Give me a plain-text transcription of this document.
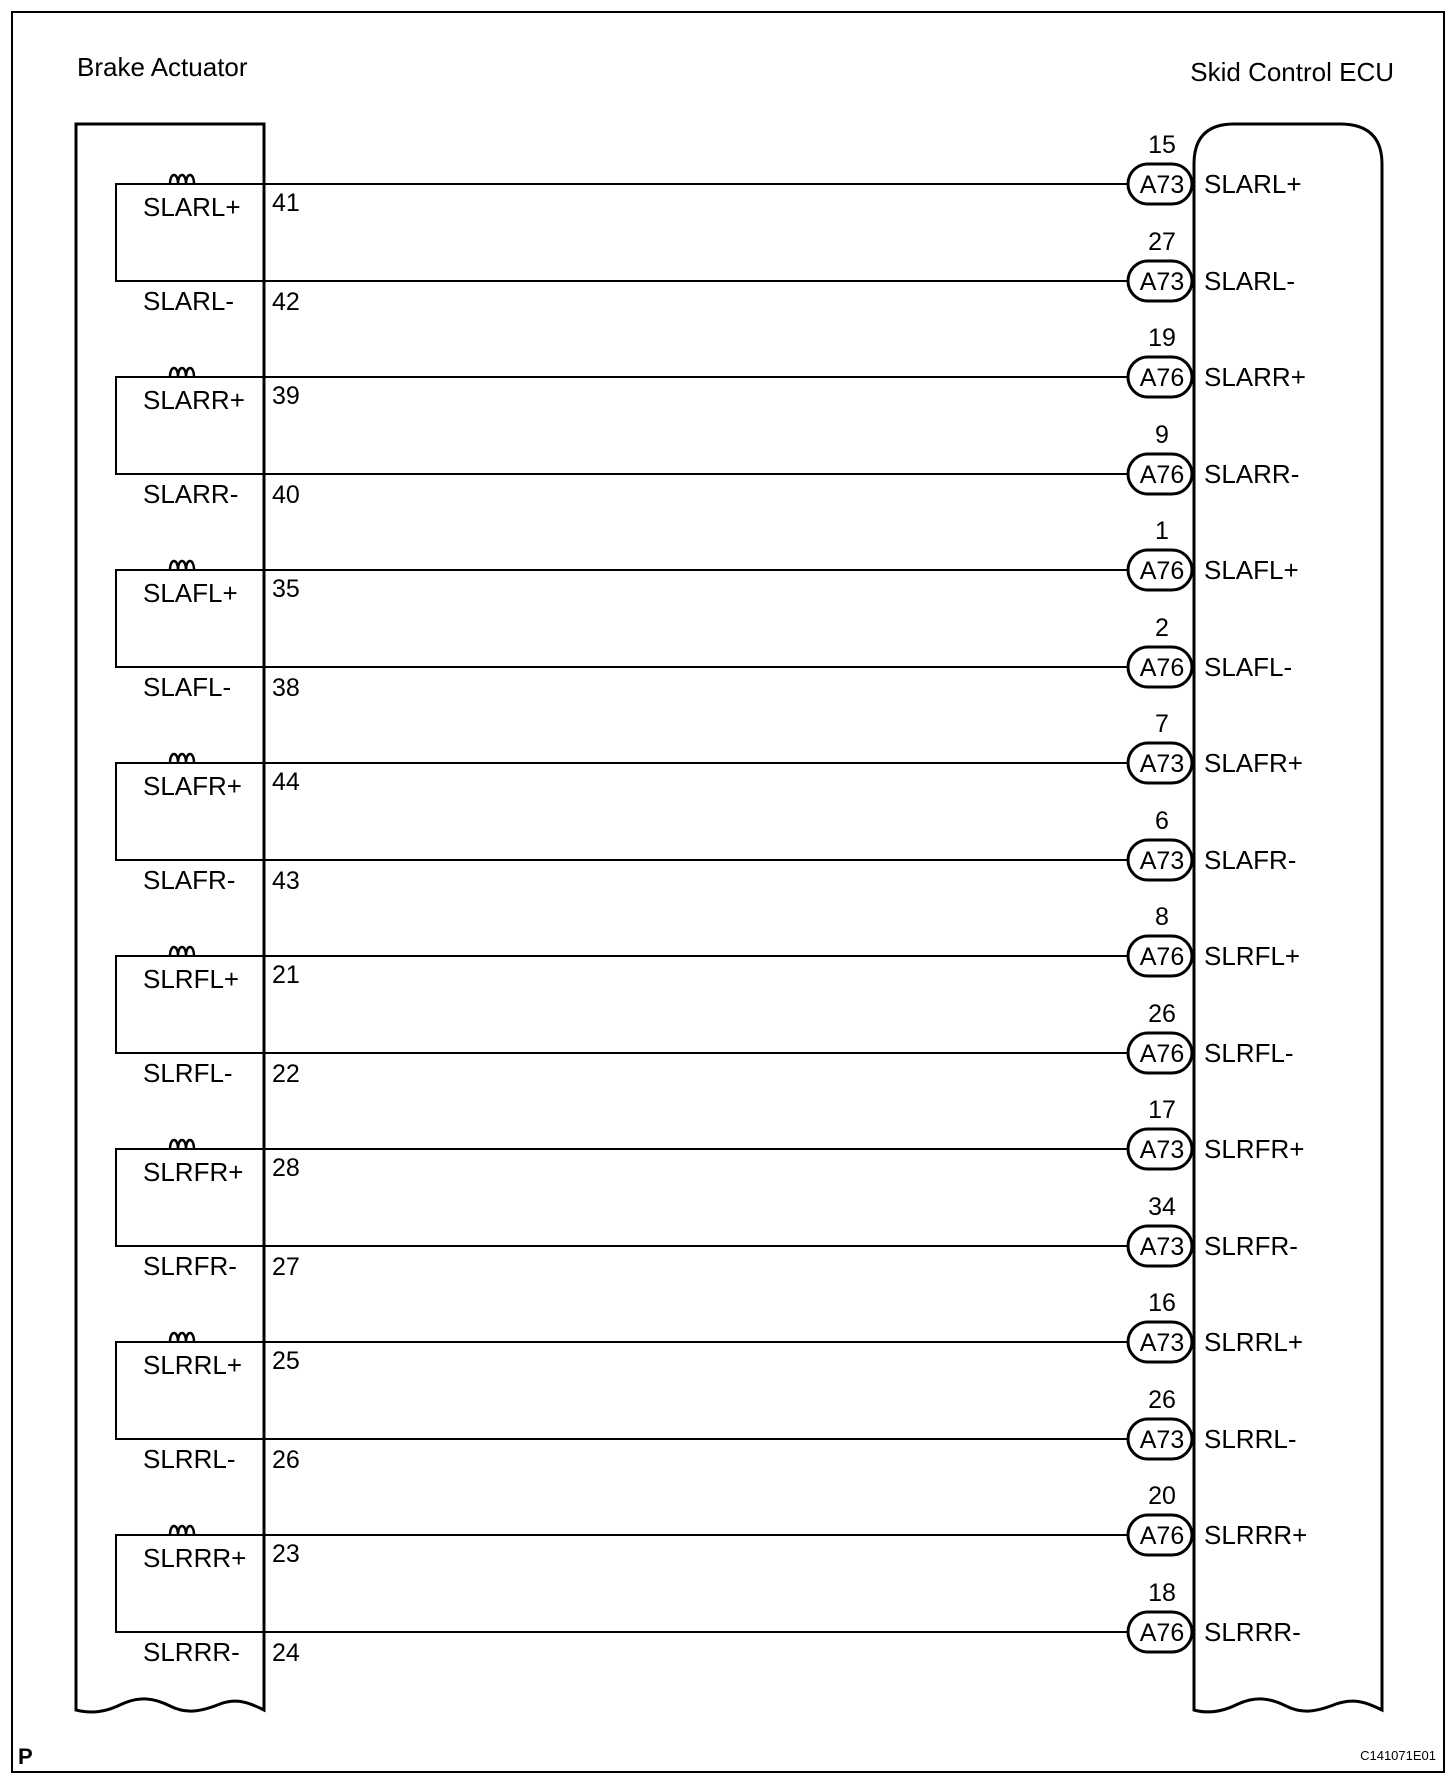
Brake Actuator	Skid Control ECU
SLARL+ 41
15
A73 SLARL+
SLARL- 42
27
A73 SLARL-
SLARR+ 39
19
A76 SLARR+
SLARR- 40
9
A76 SLARR-
SLAFL+ 35
1
A76 SLAFL+
SLAFL- 38
2
A76 SLAFL-
SLAFR+ 44
7
A73 SLAFR+
SLAFR- 43
6
A73 SLAFR-
SLRFL+ 21
8
A76 SLRFL+
SLRFL- 22
26
A76 SLRFL-
SLRFR+ 28
17
A73 SLRFR+
SLRFR- 27
34
A73 SLRFR-
SLRRL+ 25
16
A73 SLRRL+
SLRRL- 26
26
A73 SLRRL-
SLRRR+ 23
20
A76 SLRRR+
SLRRR- 24
18
A76 SLRRR-
P	C141071E01
